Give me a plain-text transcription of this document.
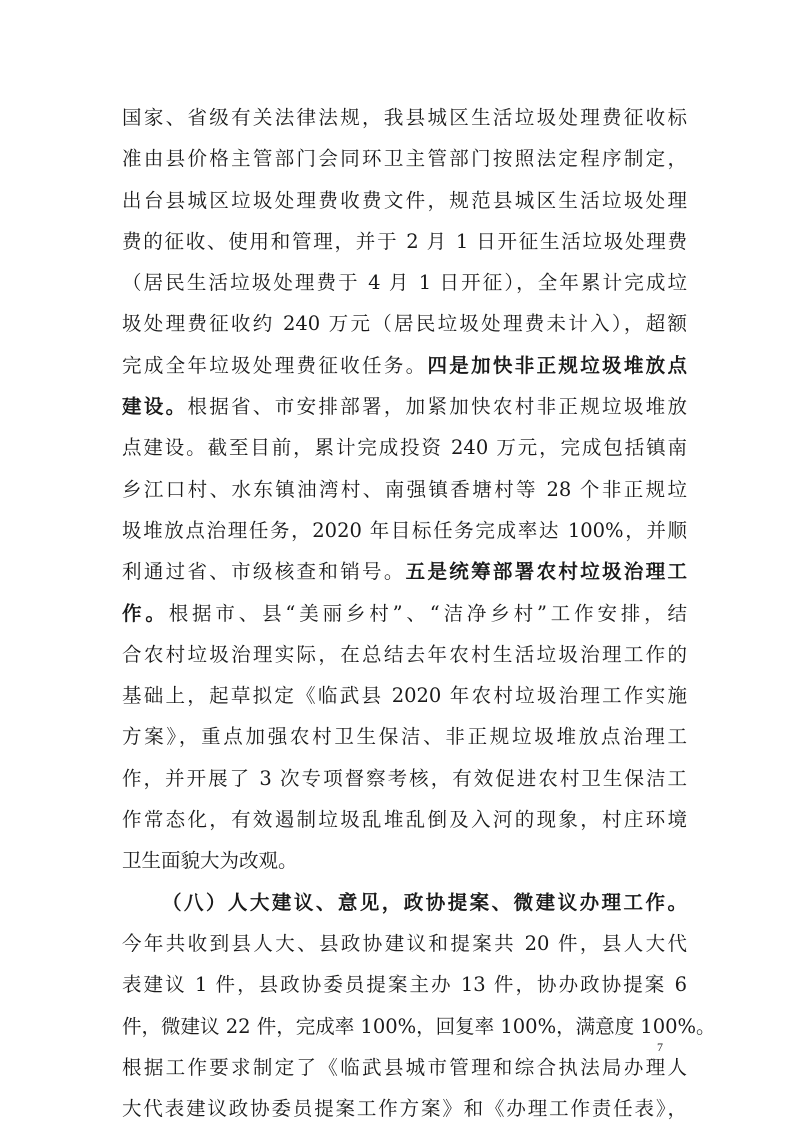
国家、省级有关法律法规，我县城区生活垃圾处理费征收标
准由县价格主管部门会同环卫主管部门按照法定程序制定，
出台县城区垃圾处理费收费文件，规范县城区生活垃圾处理
费的征收、使用和管理，并于 2 月 1 日开征生活垃圾处理费
（居民生活垃圾处理费于 4 月 1 日开征），全年累计完成垃
圾处理费征收约 240 万元（居民垃圾处理费未计入），超额
完成全年垃圾处理费征收任务。四是加快非正规垃圾堆放点
建设。根据省、市安排部署，加紧加快农村非正规垃圾堆放
点建设。截至目前，累计完成投资 240 万元，完成包括镇南
乡江口村、水东镇油湾村、南强镇香塘村等 28 个非正规垃
圾堆放点治理任务，2020 年目标任务完成率达 100%，并顺
利通过省、市级核查和销号。五是统筹部署农村垃圾治理工
作。根据市、县“美丽乡村”、“洁净乡村”工作安排，结
合农村垃圾治理实际，在总结去年农村生活垃圾治理工作的
基础上，起草拟定《临武县 2020 年农村垃圾治理工作实施
方案》，重点加强农村卫生保洁、非正规垃圾堆放点治理工
作，并开展了 3 次专项督察考核，有效促进农村卫生保洁工
作常态化，有效遏制垃圾乱堆乱倒及入河的现象，村庄环境
卫生面貌大为改观。
（八）人大建议、意见，政协提案、微建议办理工作。
今年共收到县人大、县政协建议和提案共 20 件，县人大代
表建议 1 件，县政协委员提案主办 13 件，协办政协提案 6
件，微建议 22 件，完成率 100%，回复率 100%，满意度 100%。
根据工作要求制定了《临武县城市管理和综合执法局办理人
大代表建议政协委员提案工作方案》和《办理工作责任表》，
7
